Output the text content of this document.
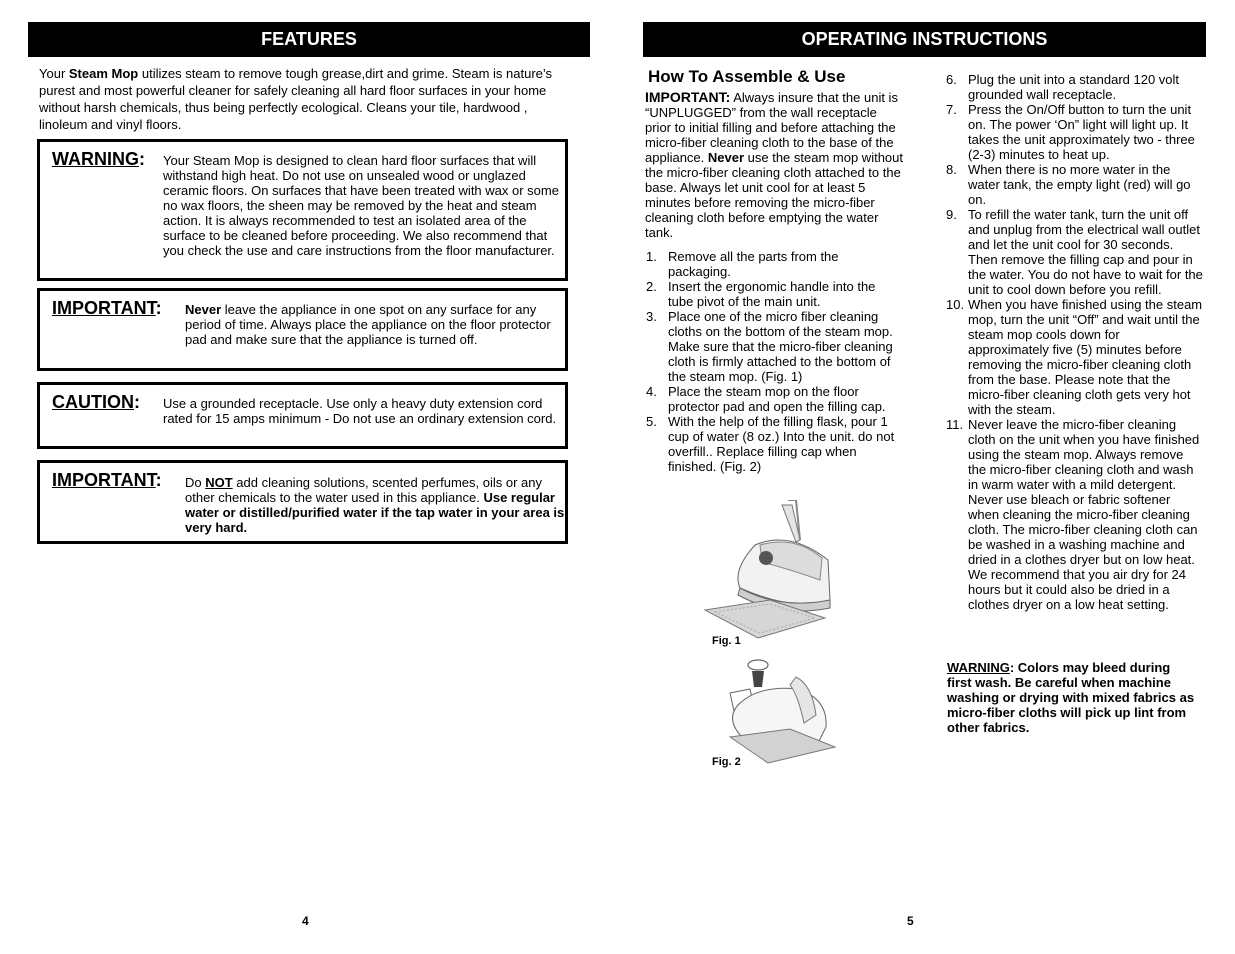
FEATURES
Your Steam Mop utilizes steam to remove tough grease,dirt and grime. Steam is nature’s purest and most powerful cleaner for safely cleaning all hard floor surfaces in your home without harsh chemicals, thus being perfectly ecological. Cleans your tile, hardwood , linoleum and vinyl floors.
WARNING: Your Steam Mop is designed to clean hard floor surfaces that will withstand high heat. Do not use on unsealed wood or unglazed ceramic floors. On surfaces that have been treated with wax or some no wax floors, the sheen may be removed by the heat and steam action. It is always recommended to test an isolated area of the surface to be cleaned before proceeding. We also recommend that you check the use and care instructions from the floor manufacturer.
IMPORTANT: Never leave the appliance in one spot on any surface for any period of time. Always place the appliance on the floor protector pad and make sure that the appliance is turned off.
CAUTION: Use a grounded receptacle. Use only a heavy duty extension cord rated for 15 amps minimum - Do not use an ordinary extension cord.
IMPORTANT: Do NOT add cleaning solutions, scented perfumes, oils or any other chemicals to the water used in this appliance. Use regular water or distilled/purified water if the tap water in your area is very hard.
4
OPERATING INSTRUCTIONS
How To Assemble & Use
IMPORTANT: Always insure that the unit is “UNPLUGGED” from the wall receptacle prior to initial filling and before attaching the micro-fiber cleaning cloth to the base of the appliance. Never use the steam mop without the micro-fiber cleaning cloth attached to the base. Always let unit cool for at least 5 minutes before removing the micro-fiber cleaning cloth before emptying the water tank.
1. Remove all the parts from the packaging.
2. Insert the ergonomic handle into the tube pivot of the main unit.
3. Place one of the micro fiber cleaning cloths on the bottom of the steam mop. Make sure that the micro-fiber cleaning cloth is firmly attached to the bottom of the steam mop. (Fig. 1)
4. Place the steam mop on the floor protector pad and open the filling cap.
5. With the help of the filling flask, pour 1 cup of water (8 oz.) Into the unit. do not overfill.. Replace filling cap when finished. (Fig. 2)
6. Plug the unit into a standard 120 volt grounded wall receptacle.
7. Press the On/Off button to turn the unit on. The power ‘On” light will light up. It takes the unit approximately two - three (2-3) minutes to heat up.
8. When there is no more water in the water tank, the empty light (red) will go on.
9. To refill the water tank, turn the unit off and unplug from the electrical wall outlet and let the unit cool for 30 seconds. Then remove the filling cap and pour in the water. You do not have to wait for the unit to cool down before you refill.
10. When you have finished using the steam mop, turn the unit “Off” and wait until the steam mop cools down for approximately five (5) minutes before removing the micro-fiber cleaning cloth from the base. Please note that the micro-fiber cleaning cloth gets very hot with the steam.
11. Never leave the micro-fiber cleaning cloth on the unit when you have finished using the steam mop. Always remove the micro-fiber cleaning cloth and wash in warm water with a mild detergent. Never use bleach or fabric softener when cleaning the micro-fiber cleaning cloth. The micro-fiber cleaning cloth can be washed in a washing machine and dried in a clothes dryer but on low heat. We recommend that you air dry for 24 hours but it could also be dried in a clothes dryer on a low heat setting.
WARNING: Colors may bleed during first wash. Be careful when machine washing or drying with mixed fabrics as micro-fiber cloths will pick up lint from other fabrics.
Fig. 1
Fig. 2
5
